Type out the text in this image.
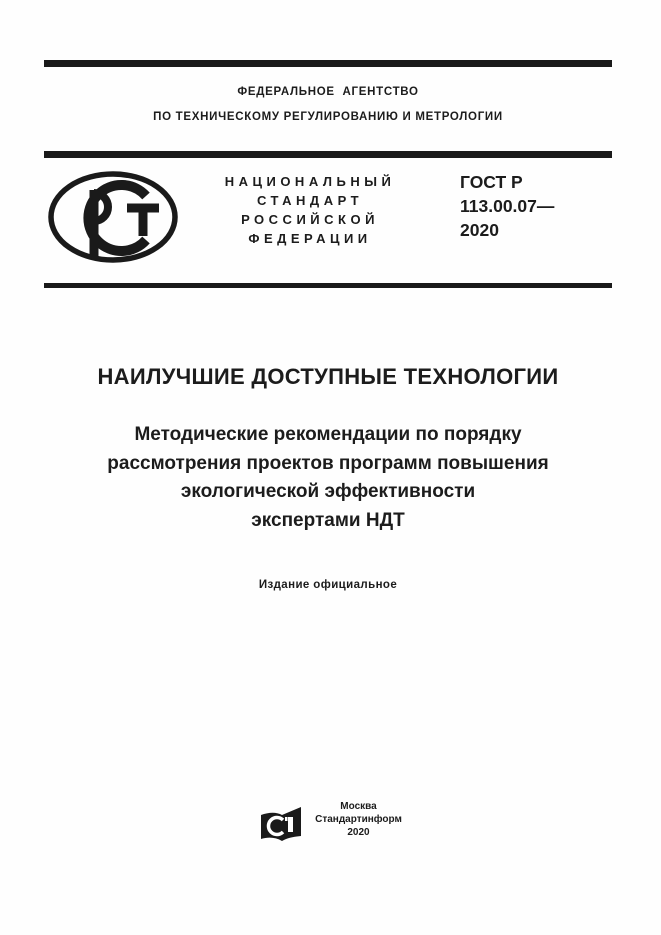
ФЕДЕРАЛЬНОЕ  АГЕНТСТВО
ПО ТЕХНИЧЕСКОМУ РЕГУЛИРОВАНИЮ И МЕТРОЛОГИИ
НАЦИОНАЛЬНЫЙ
СТАНДАРТ
РОССИЙСКОЙ
ФЕДЕРАЦИИ
ГОСТ Р
113.00.07—
2020
НАИЛУЧШИЕ ДОСТУПНЫЕ ТЕХНОЛОГИИ
Методические рекомендации по порядку
рассмотрения проектов программ повышения
экологической эффективности
экспертами НДТ
Издание официальное
Москва
Стандартинформ
2020
